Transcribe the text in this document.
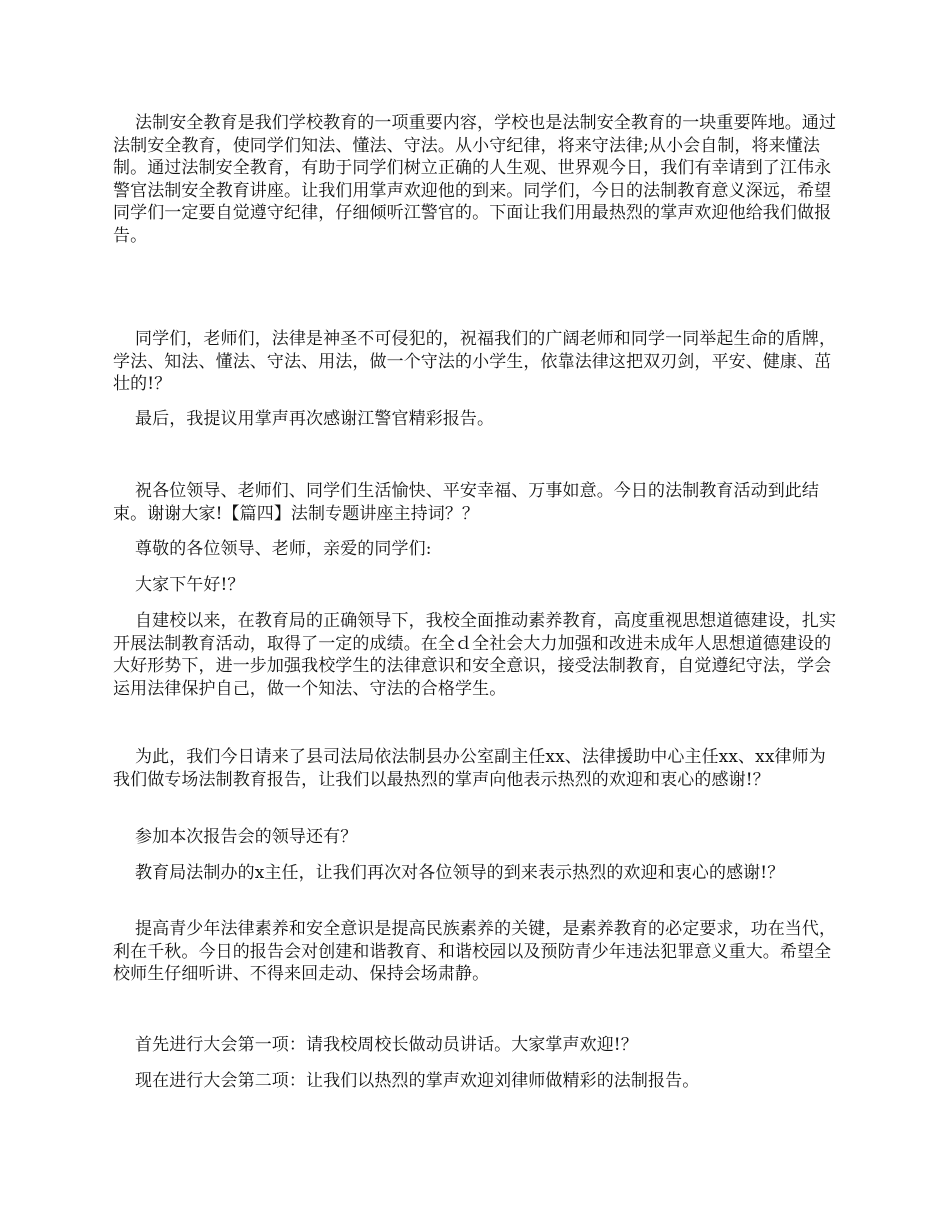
法制安全教育是我们学校教育的一项重要内容，学校也是法制安全教育的一块重要阵地。通过法制安全教育，使同学们知法、懂法、守法。从小守纪律，将来守法律;从小会自制，将来懂法制。通过法制安全教育，有助于同学们树立正确的人生观、世界观今日，我们有幸请到了江伟永警官法制安全教育讲座。让我们用掌声欢迎他的到来。同学们，今日的法制教育意义深远，希望同学们一定要自觉遵守纪律，仔细倾听江警官的。下面让我们用最热烈的掌声欢迎他给我们做报告。

同学们，老师们，法律是神圣不可侵犯的，祝福我们的广阔老师和同学一同举起生命的盾牌，学法、知法、懂法、守法、用法，做一个守法的小学生，依靠法律这把双刃剑，平安、健康、茁壮的!？

最后，我提议用掌声再次感谢江警官精彩报告。

祝各位领导、老师们、同学们生活愉快、平安幸福、万事如意。今日的法制教育活动到此结束。谢谢大家!【篇四】法制专题讲座主持词？？

尊敬的各位领导、老师，亲爱的同学们:

大家下午好!？

自建校以来，在教育局的正确领导下，我校全面推动素养教育，高度重视思想道德建设，扎实开展法制教育活动，取得了一定的成绩。在全ｄ全社会大力加强和改进未成年人思想道德建设的大好形势下，进一步加强我校学生的法律意识和安全意识，接受法制教育，自觉遵纪守法，学会运用法律保护自己，做一个知法、守法的合格学生。

为此，我们今日请来了县司法局依法制县办公室副主任xx、法律援助中心主任xx、xx律师为我们做专场法制教育报告，让我们以最热烈的掌声向他表示热烈的欢迎和衷心的感谢!？

参加本次报告会的领导还有？

教育局法制办的x主任，让我们再次对各位领导的到来表示热烈的欢迎和衷心的感谢!？

提高青少年法律素养和安全意识是提高民族素养的关键，是素养教育的必定要求，功在当代，利在千秋。今日的报告会对创建和谐教育、和谐校园以及预防青少年违法犯罪意义重大。希望全校师生仔细听讲、不得来回走动、保持会场肃静。

首先进行大会第一项：请我校周校长做动员讲话。大家掌声欢迎!？

现在进行大会第二项：让我们以热烈的掌声欢迎刘律师做精彩的法制报告。
